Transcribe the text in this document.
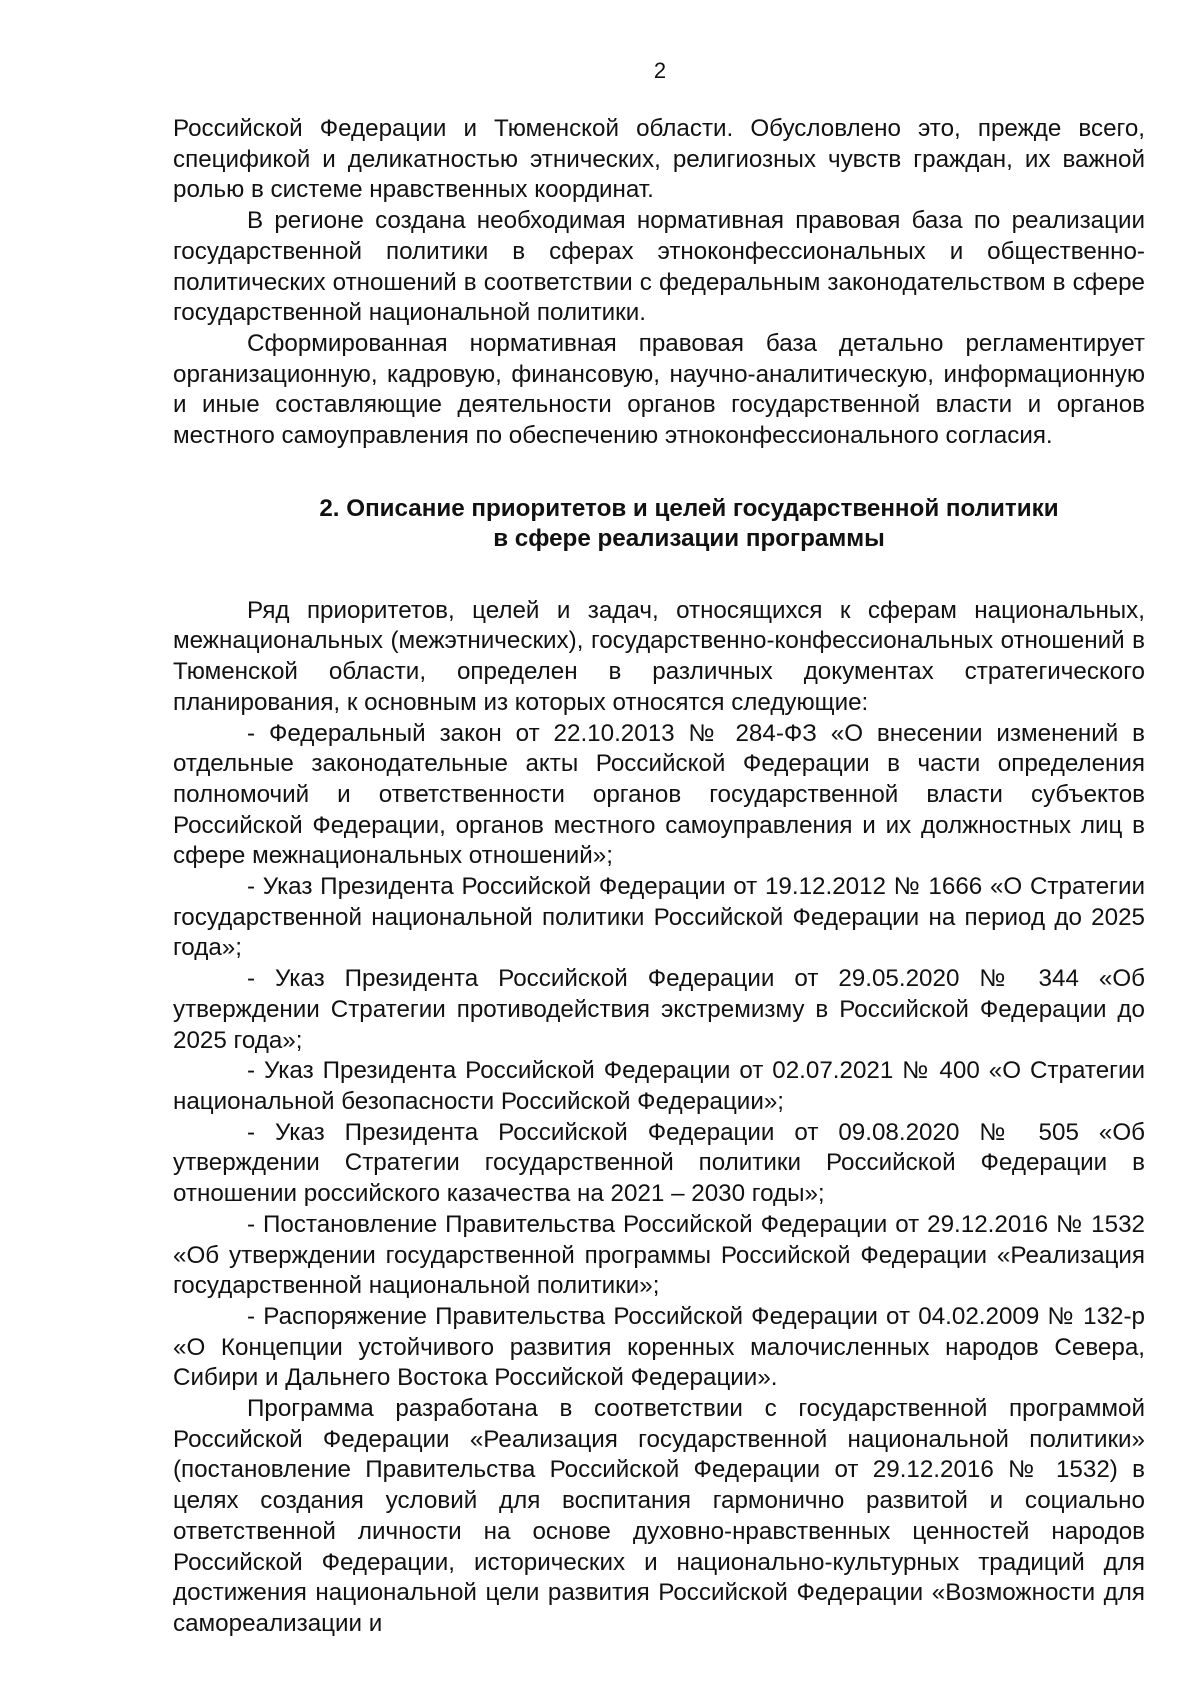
2

Российской Федерации и Тюменской области. Обусловлено это, прежде всего, спецификой и деликатностью этнических, религиозных чувств граждан, их важной ролью в системе нравственных координат.

В регионе создана необходимая нормативная правовая база по реализации государственной политики в сферах этноконфессиональных и общественно-политических отношений в соответствии с федеральным законодательством в сфере государственной национальной политики.

Сформированная нормативная правовая база детально регламентирует организационную, кадровую, финансовую, научно-аналитическую, информационную и иные составляющие деятельности органов государственной власти и органов местного самоуправления по обеспечению этноконфессионального согласия.

2. Описание приоритетов и целей государственной политики
в сфере реализации программы

Ряд приоритетов, целей и задач, относящихся к сферам национальных, межнациональных (межэтнических), государственно-конфессиональных отношений в Тюменской области, определен в различных документах стратегического планирования, к основным из которых относятся следующие:

- Федеральный закон от 22.10.2013 № 284-ФЗ «О внесении изменений в отдельные законодательные акты Российской Федерации в части определения полномочий и ответственности органов государственной власти субъектов Российской Федерации, органов местного самоуправления и их должностных лиц в сфере межнациональных отношений»;

- Указ Президента Российской Федерации от 19.12.2012 № 1666 «О Стратегии государственной национальной политики Российской Федерации на период до 2025 года»;

- Указ Президента Российской Федерации от 29.05.2020 № 344 «Об утверждении Стратегии противодействия экстремизму в Российской Федерации до 2025 года»;

- Указ Президента Российской Федерации от 02.07.2021 № 400 «О Стратегии национальной безопасности Российской Федерации»;

- Указ Президента Российской Федерации от 09.08.2020 № 505 «Об утверждении Стратегии государственной политики Российской Федерации в отношении российского казачества на 2021 – 2030 годы»;

- Постановление Правительства Российской Федерации от 29.12.2016 № 1532 «Об утверждении государственной программы Российской Федерации «Реализация государственной национальной политики»;

- Распоряжение Правительства Российской Федерации от 04.02.2009 № 132-р «О Концепции устойчивого развития коренных малочисленных народов Севера, Сибири и Дальнего Востока Российской Федерации».

Программа разработана в соответствии с государственной программой Российской Федерации «Реализация государственной национальной политики» (постановление Правительства Российской Федерации от 29.12.2016 № 1532) в целях создания условий для воспитания гармонично развитой и социально ответственной личности на основе духовно-нравственных ценностей народов Российской Федерации, исторических и национально-культурных традиций для достижения национальной цели развития Российской Федерации «Возможности для самореализации и
